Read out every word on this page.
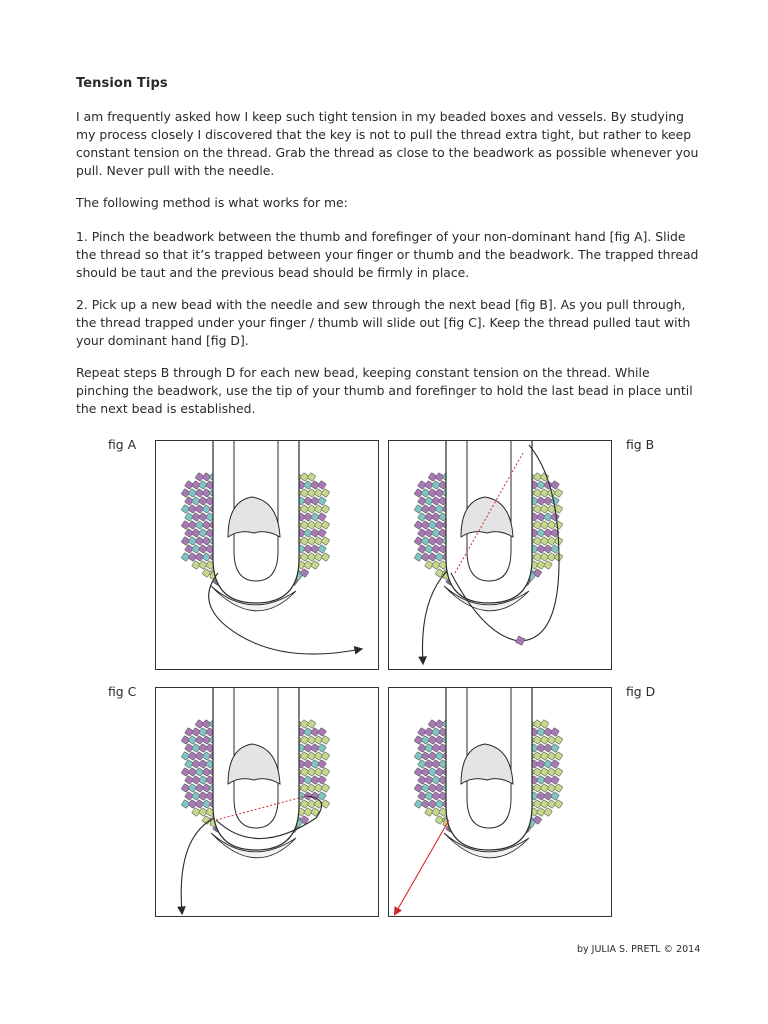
Tension Tips

I am frequently asked how I keep such tight tension in my beaded boxes and vessels. By studying my process closely I discovered that the key is not to pull the thread extra tight, but rather to keep constant tension on the thread. Grab the thread as close to the beadwork as possible whenever you pull. Never pull with the needle.

The following method is what works for me:

1. Pinch the beadwork between the thumb and forefinger of your non-dominant hand [fig A]. Slide the thread so that it’s trapped between your finger or thumb and the beadwork. The trapped thread should be taut and the previous bead should be firmly in place.

2. Pick up a new bead with the needle and sew through the next bead [fig B]. As you pull through, the thread trapped under your finger / thumb will slide out [fig C]. Keep the thread pulled taut with your dominant hand [fig D].

Repeat steps B through D for each new bead, keeping constant tension on the thread. While pinching the beadwork, use the tip of your thumb and forefinger to hold the last bead in place until the next bead is established.

fig A	fig B
fig C	fig D
by JULIA S. PRETL © 2014
